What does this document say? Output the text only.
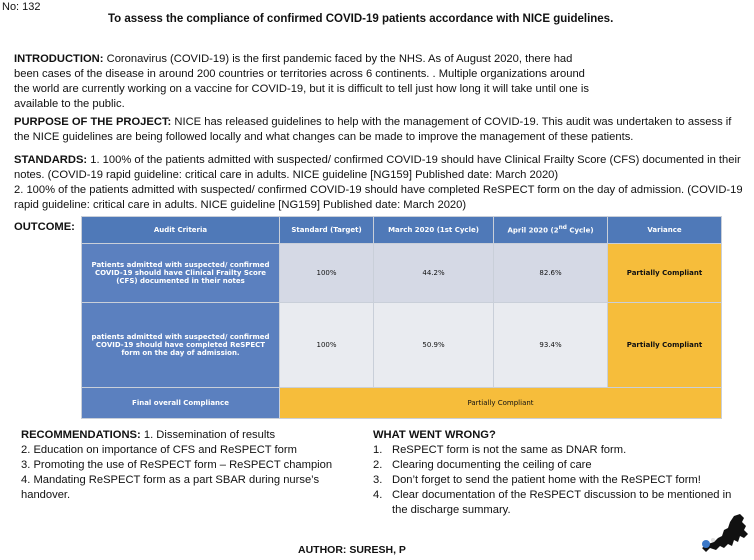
No: 132
To assess the compliance of confirmed COVID-19 patients accordance with NICE guidelines.
INTRODUCTION: Coronavirus (COVID-19) is the first pandemic faced by the NHS. As of August 2020, there had been cases of the disease in around 200 countries or territories across 6 continents. . Multiple organizations around the world are currently working on a vaccine for COVID-19, but it is difficult to tell just how long it will take until one is available to the public.
PURPOSE OF THE PROJECT: NICE has released guidelines to help with the management of COVID-19. This audit was undertaken to assess if the NICE guidelines are being followed locally and what changes can be made to improve the management of these patients.
STANDARDS: 1. 100% of the patients admitted with suspected/ confirmed COVID-19 should have Clinical Frailty Score (CFS) documented in their notes. (COVID-19 rapid guideline: critical care in adults. NICE guideline [NG159] Published date: March 2020)
2. 100% of the patients admitted with suspected/ confirmed COVID-19 should have completed ReSPECT form on the day of admission. (COVID-19 rapid guideline: critical care in adults. NICE guideline [NG159] Published date: March 2020)
OUTCOME:	Audit Criteria	Standard (Target)	March 2020 (1st Cycle)	April 2020 (2nd Cycle)	Variance
Patients admitted with suspected/ confirmed COVID-19 should have Clinical Frailty Score (CFS) documented in their notes	100%	44.2%	82.6%	Partially Compliant
patients admitted with suspected/ confirmed COVID-19 should have completed ReSPECT form on the day of admission.	100%	50.9%	93.4%	Partially Compliant
Final overall Compliance	Partially Compliant			
RECOMMENDATIONS: 1. Dissemination of results
2. Education on importance of CFS and ReSPECT form
3. Promoting the use of ReSPECT form – ReSPECT champion
4. Mandating ReSPECT form as a part SBAR during nurse’s handover.
WHAT WENT WRONG?
1. ReSPECT form is not the same as DNAR form.
2. Clearing documenting the ceiling of care
3. Don’t forget to send the patient home with the ReSPECT form!
4. Clear documentation of the ReSPECT discussion to be mentioned in the discharge summary.
AUTHOR: SURESH, P
